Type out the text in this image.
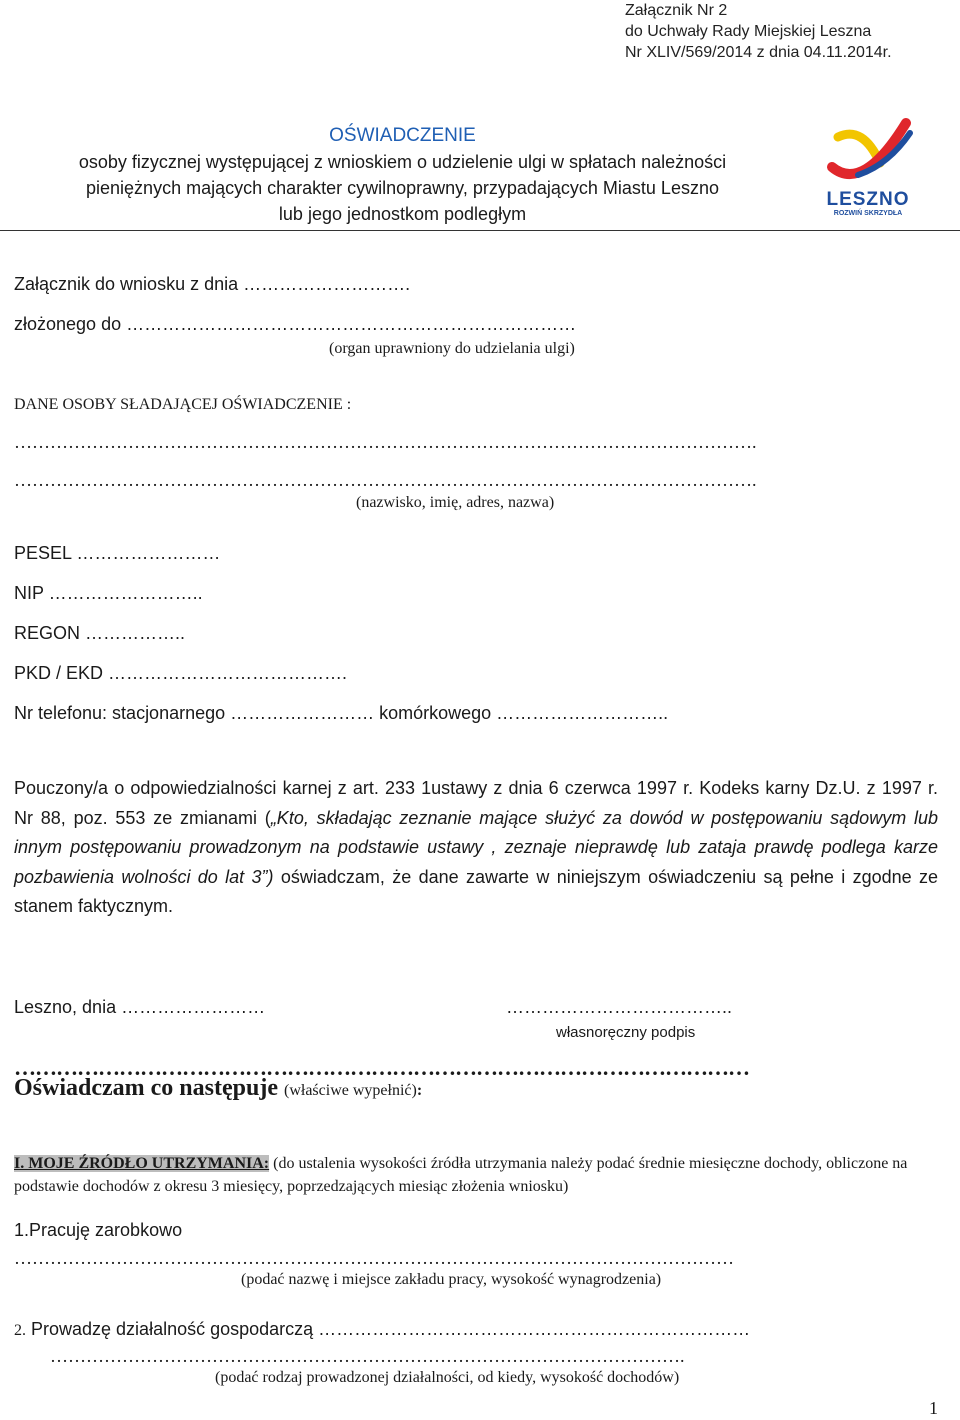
Załącznik Nr 2
do Uchwały Rady Miejskiej Leszna
Nr XLIV/569/2014 z dnia 04.11.2014r.
OŚWIADCZENIE
osoby fizycznej występującej z wnioskiem o udzielenie ulgi w spłatach należności
pieniężnych mających charakter cywilnoprawny, przypadających Miastu Leszno
lub jego jednostkom podległym
LESZNO
ROZWIŃ SKRZYDŁA
Załącznik do wniosku z dnia ……………………….
złożonego do …………………………………………………………………
(organ uprawniony do udzielania ulgi)
DANE OSOBY SŁADAJĄCEJ OŚWIADCZENIE :
…………………………………………………………………………………………………………….
…………………………………………………………………………………………………………….
(nazwisko, imię, adres, nazwa)
PESEL ……………………
NIP ……………………..
REGON ……………..
PKD / EKD ………………………………….
Nr telefonu: stacjonarnego …………………… komórkowego ………………………..
Pouczony/a o odpowiedzialności karnej z art. 233 1ustawy z dnia 6 czerwca 1997 r. Kodeks karny Dz.U. z 1997 r. Nr 88, poz. 553 ze zmianami („Kto, składając zeznanie mające służyć za dowód w postępowaniu sądowym lub innym postępowaniu prowadzonym na podstawie ustawy , zeznaje nieprawdę lub zataja prawdę podlega karze pozbawienia wolności do lat 3”) oświadczam, że dane zawarte w niniejszym oświadczeniu są pełne i zgodne ze stanem faktycznym.
Leszno, dnia ……………………	………………………………..
własnoręczny podpis
……………………………………………………………………………………………
Oświadczam co następuje (właściwe wypełnić):
I. MOJE ŹRÓDŁO UTRZYMANIA: (do ustalenia wysokości źródła utrzymania należy podać średnie miesięczne dochody, obliczone na podstawie dochodów z okresu 3 miesięcy, poprzedzających miesiąc złożenia wniosku)
1.Pracuję zarobkowo
…………………………………………………………………………………………………………
(podać nazwę i miejsce zakładu pracy, wysokość wynagrodzenia)
2. Prowadzę działalność gospodarczą ………………………………………………………………
…………………………………………………………………………………………….
(podać rodzaj prowadzonej działalności, od kiedy, wysokość dochodów)
1
